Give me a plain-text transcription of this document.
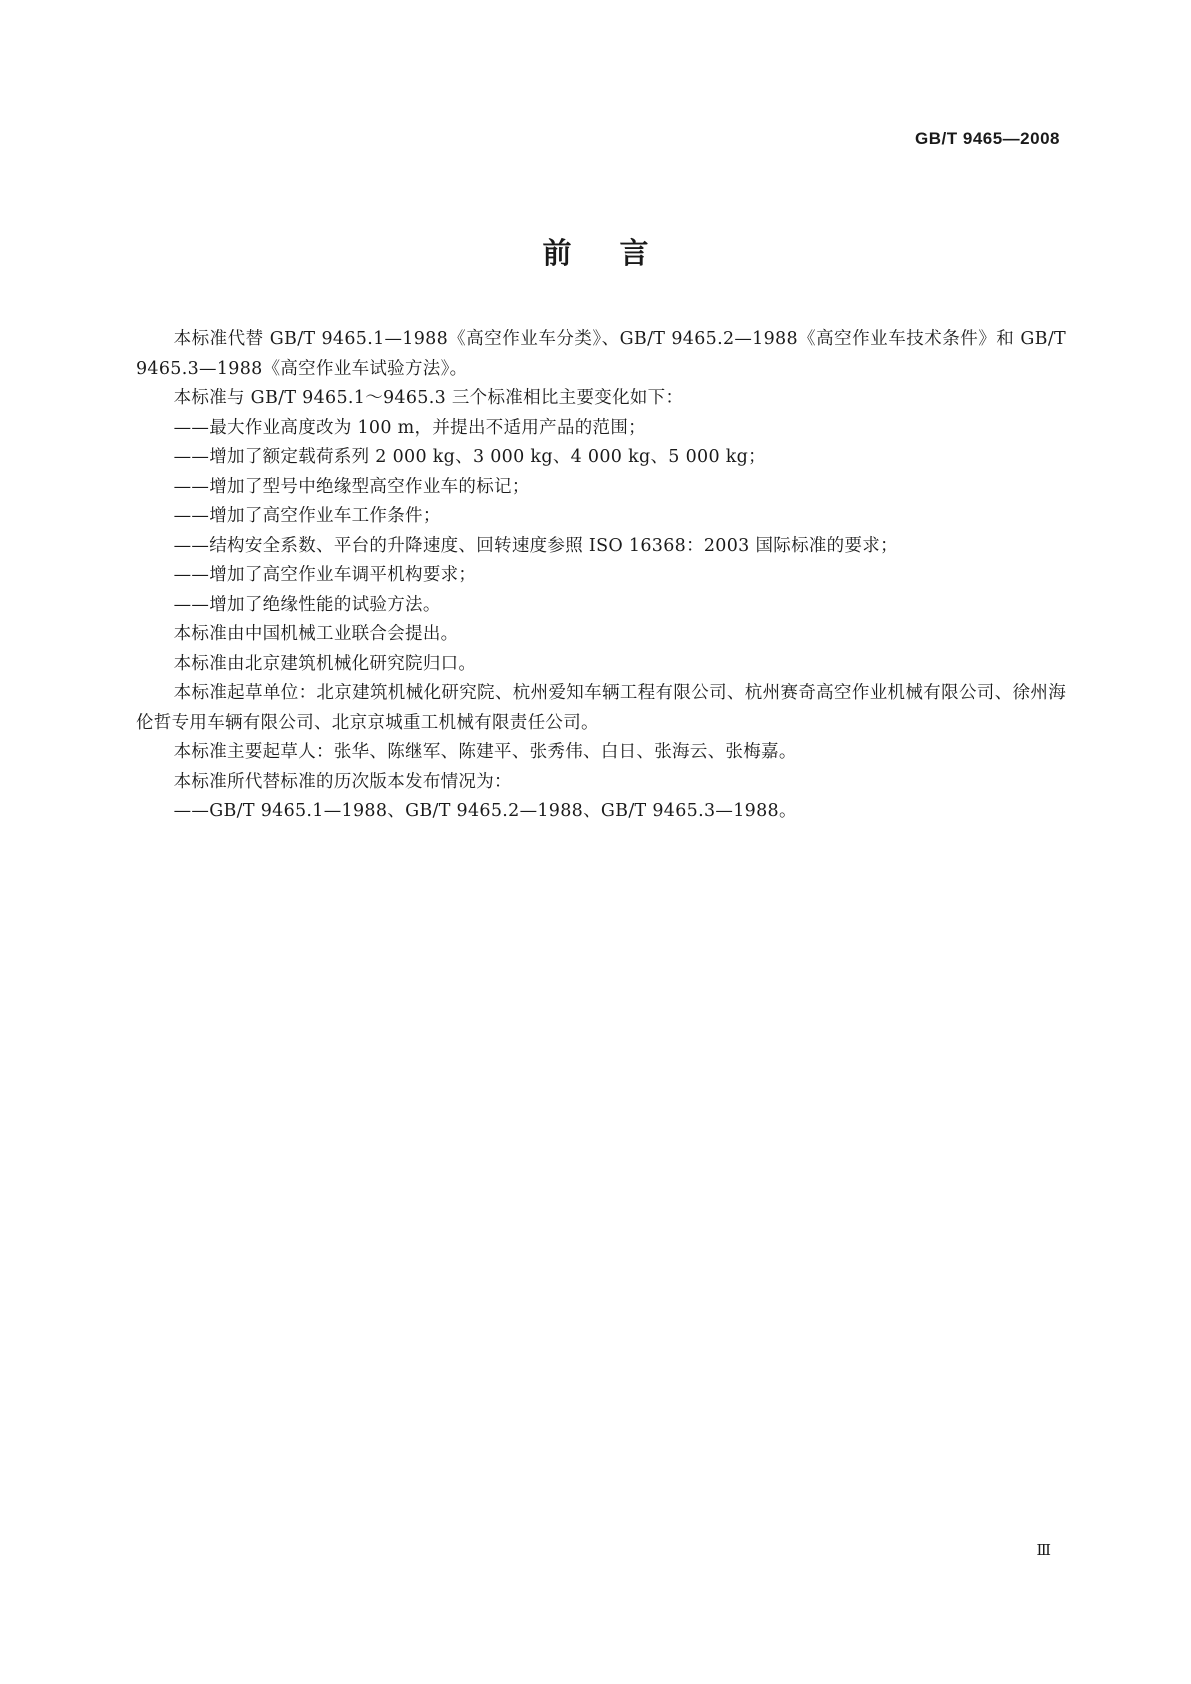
GB/T 9465—2008
前言

本标准代替 GB/T 9465.1—1988《高空作业车分类》、GB/T 9465.2—1988《高空作业车技术条件》和 GB/T 9465.3—1988《高空作业车试验方法》。

本标准与 GB/T 9465.1～9465.3 三个标准相比主要变化如下：

——最大作业高度改为 100 m，并提出不适用产品的范围；

——增加了额定载荷系列 2 000 kg、3 000 kg、4 000 kg、5 000 kg；

——增加了型号中绝缘型高空作业车的标记；

——增加了高空作业车工作条件；

——结构安全系数、平台的升降速度、回转速度参照 ISO 16368：2003 国际标准的要求；

——增加了高空作业车调平机构要求；

——增加了绝缘性能的试验方法。

本标准由中国机械工业联合会提出。

本标准由北京建筑机械化研究院归口。

本标准起草单位：北京建筑机械化研究院、杭州爱知车辆工程有限公司、杭州赛奇高空作业机械有限公司、徐州海伦哲专用车辆有限公司、北京京城重工机械有限责任公司。

本标准主要起草人：张华、陈继军、陈建平、张秀伟、白日、张海云、张梅嘉。

本标准所代替标准的历次版本发布情况为：

——GB/T 9465.1—1988、GB/T 9465.2—1988、GB/T 9465.3—1988。

Ⅲ
